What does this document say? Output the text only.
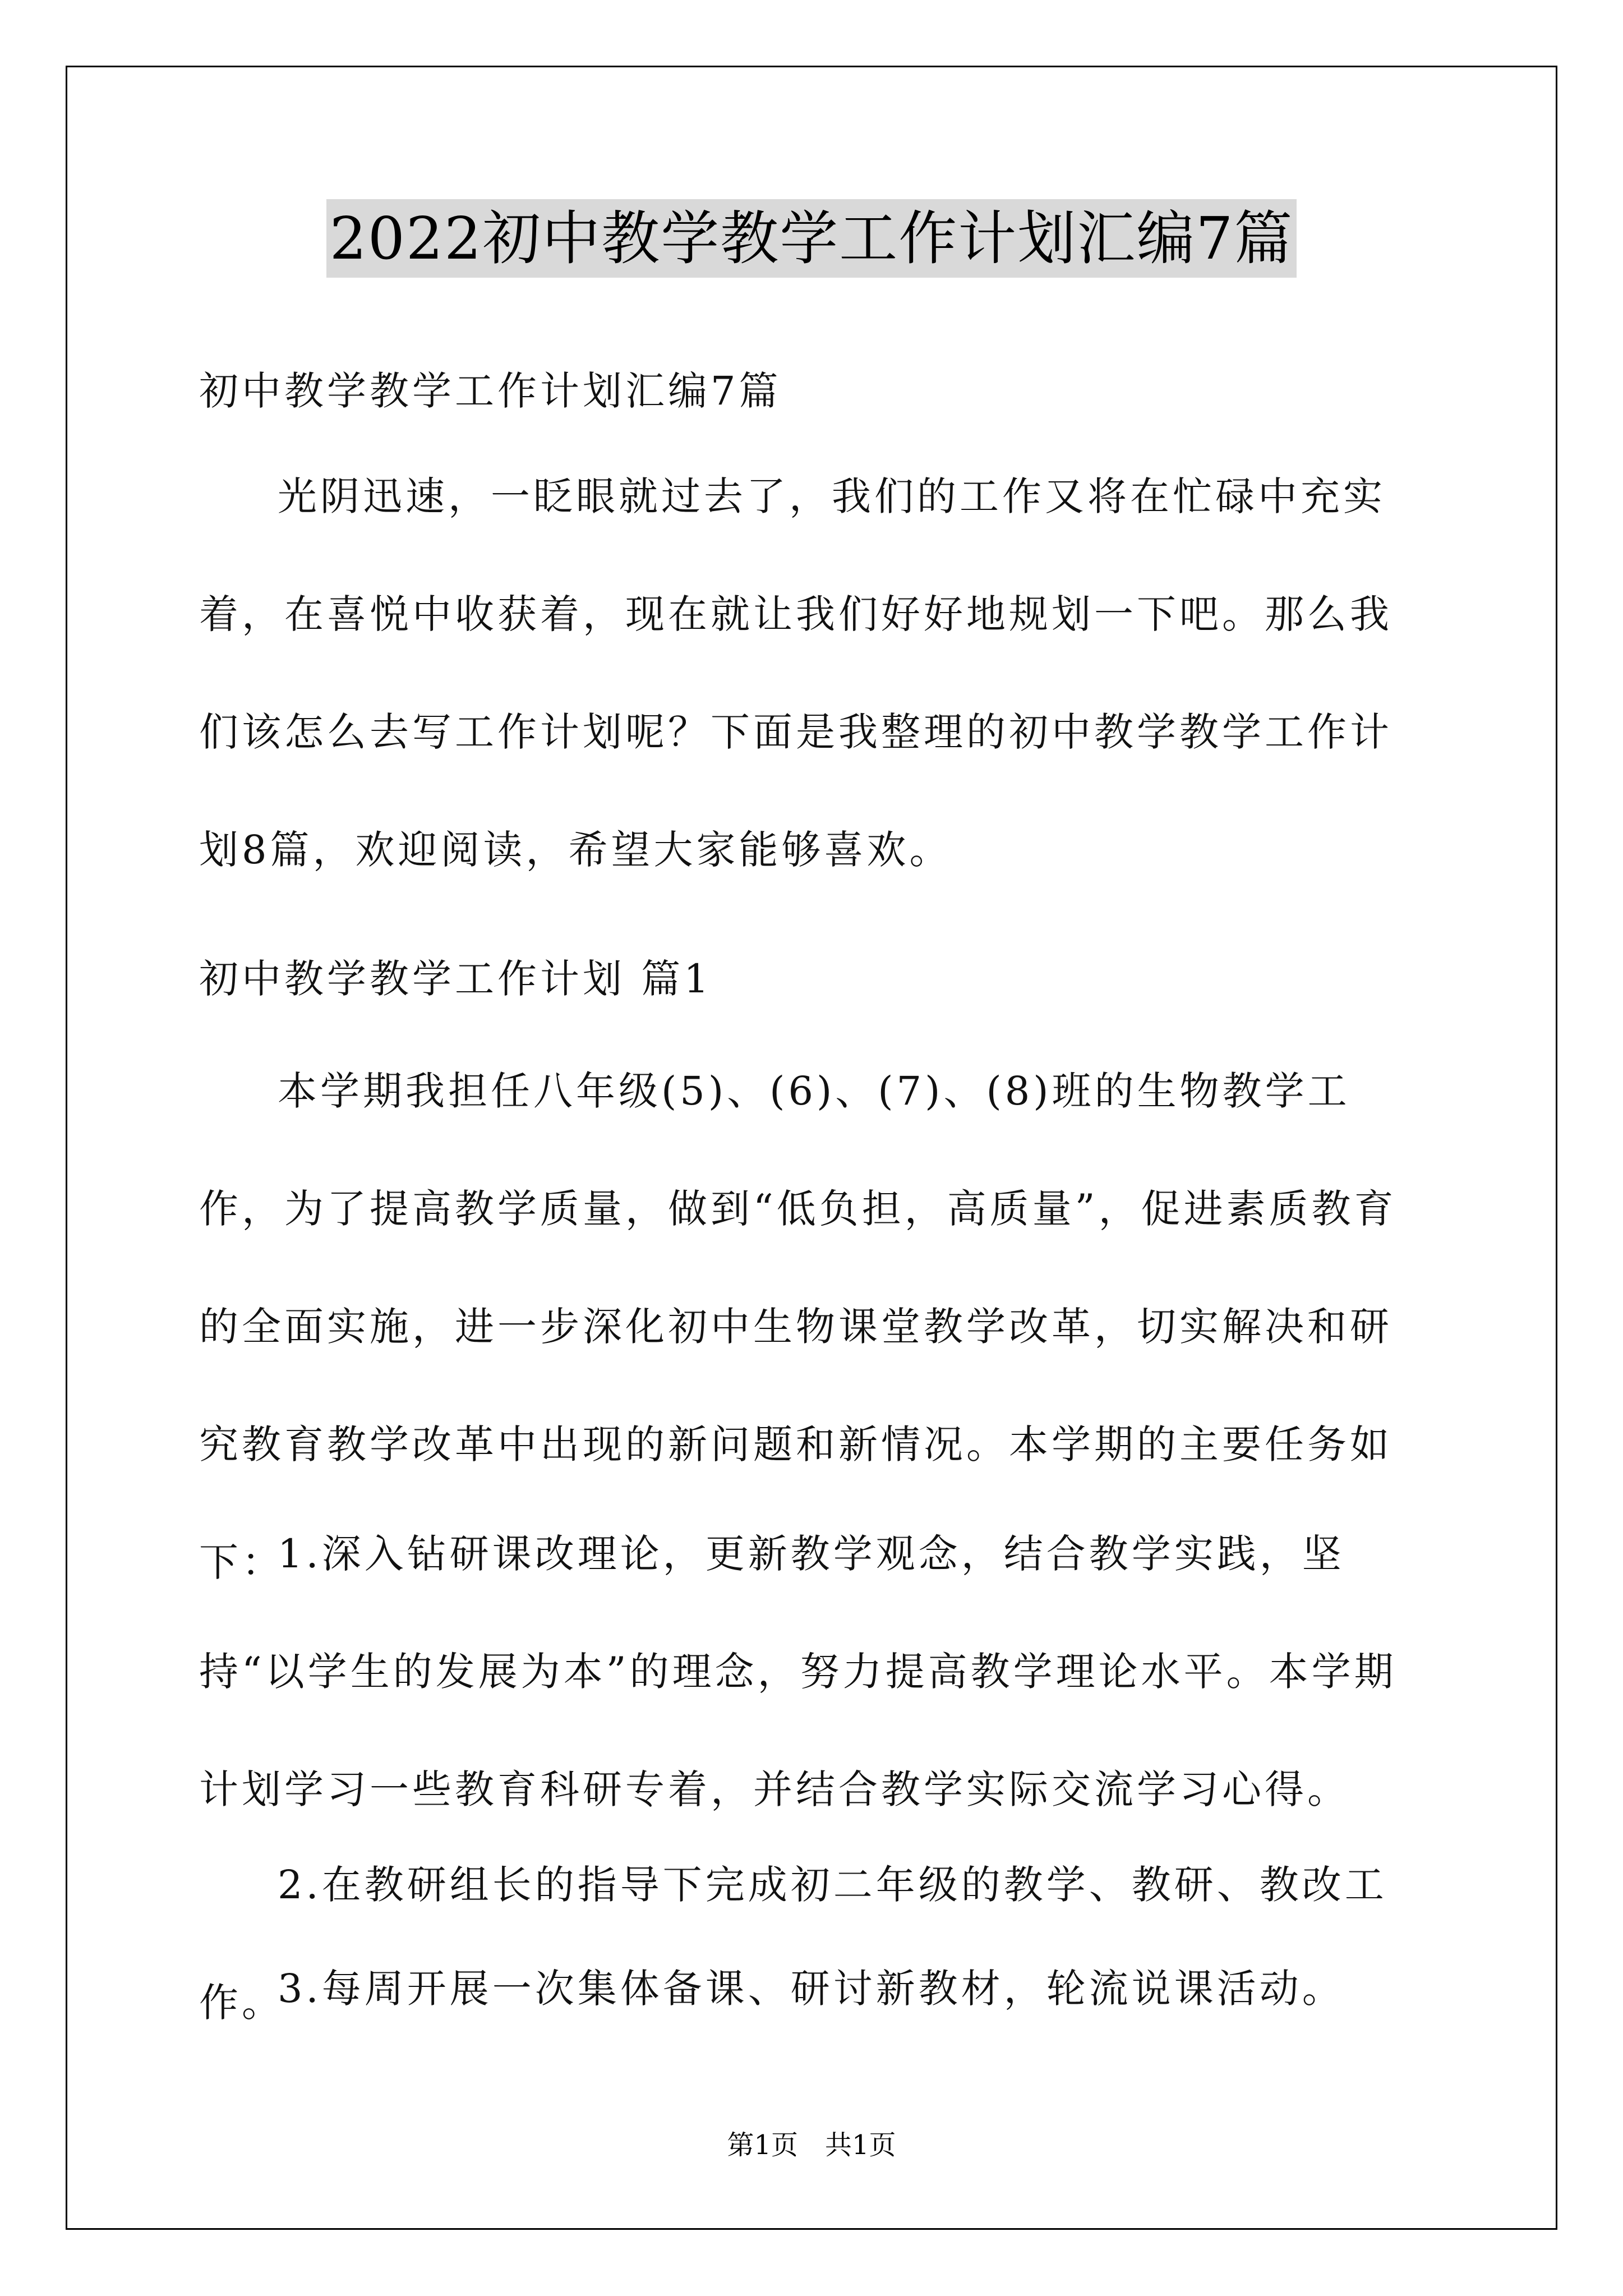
2022初中教学教学工作计划汇编7篇
初中教学教学工作计划汇编7篇

光阴迅速，一眨眼就过去了，我们的工作又将在忙碌中充实着，在喜悦中收获着，现在就让我们好好地规划一下吧。那么我们该怎么去写工作计划呢？下面是我整理的初中教学教学工作计划8篇，欢迎阅读，希望大家能够喜欢。

初中教学教学工作计划 篇1

本学期我担任八年级(5)、(6)、(7)、(8)班的生物教学工作，为了提高教学质量，做到“低负担，高质量”，促进素质教育的全面实施，进一步深化初中生物课堂教学改革，切实解决和研究教育教学改革中出现的新问题和新情况。本学期的主要任务如下：

1.深入钻研课改理论，更新教学观念，结合教学实践，坚持“以学生的发展为本”的理念，努力提高教学理论水平。本学期计划学习一些教育科研专着，并结合教学实际交流学习心得。

2.在教研组长的指导下完成初二年级的教学、教研、教改工作。

3.每周开展一次集体备课、研讨新教材，轮流说课活动。

第1页　共1页
